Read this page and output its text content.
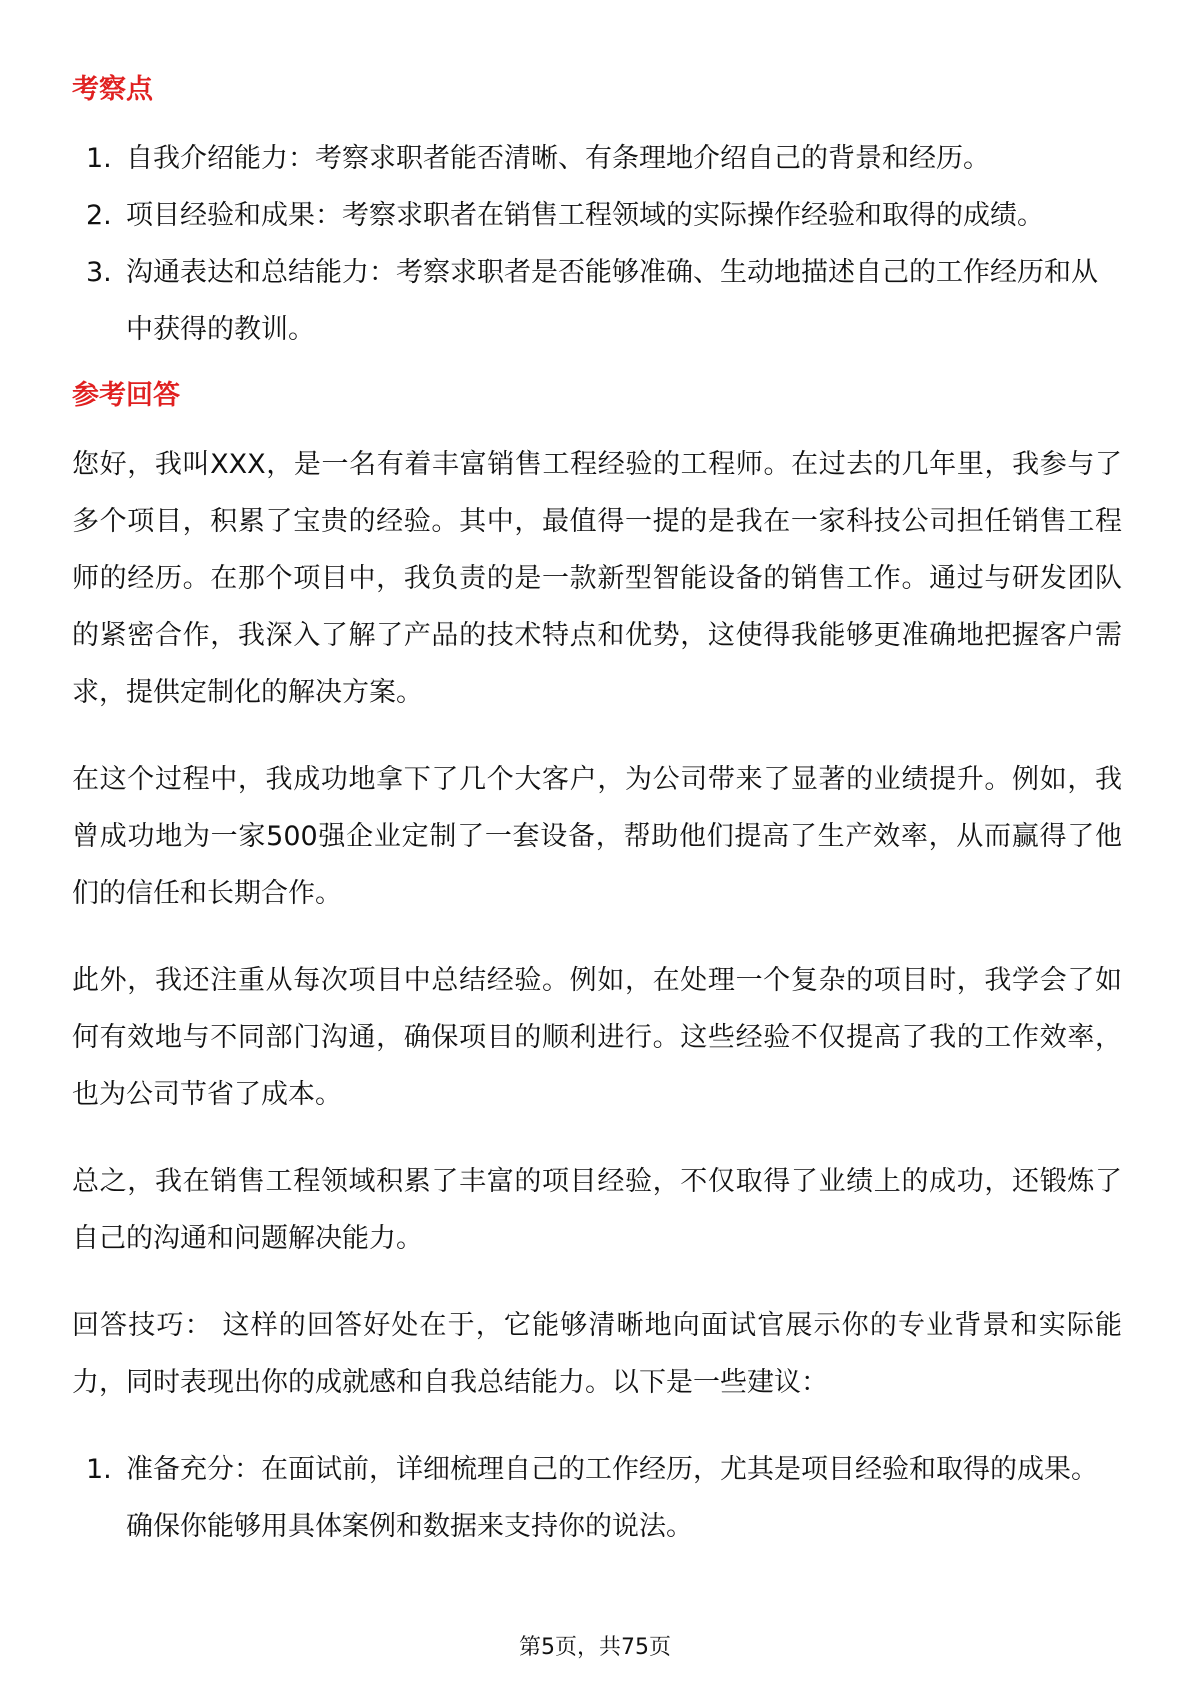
考察点
1. 自我介绍能力：考察求职者能否清晰、有条理地介绍自己的背景和经历。
2. 项目经验和成果：考察求职者在销售工程领域的实际操作经验和取得的成绩。
3. 沟通表达和总结能力：考察求职者是否能够准确、生动地描述自己的工作经历和从中获得的教训。
参考回答

您好，我叫XXX，是一名有着丰富销售工程经验的工程师。在过去的几年里，我参与了多个项目，积累了宝贵的经验。其中，最值得一提的是我在一家科技公司担任销售工程师的经历。在那个项目中，我负责的是一款新型智能设备的销售工作。通过与研发团队的紧密合作，我深入了解了产品的技术特点和优势，这使得我能够更准确地把握客户需求，提供定制化的解决方案。

在这个过程中，我成功地拿下了几个大客户，为公司带来了显著的业绩提升。例如，我曾成功地为一家500强企业定制了一套设备，帮助他们提高了生产效率，从而赢得了他们的信任和长期合作。

此外，我还注重从每次项目中总结经验。例如，在处理一个复杂的项目时，我学会了如何有效地与不同部门沟通，确保项目的顺利进行。这些经验不仅提高了我的工作效率，也为公司节省了成本。

总之，我在销售工程领域积累了丰富的项目经验，不仅取得了业绩上的成功，还锻炼了自己的沟通和问题解决能力。

回答技巧： 这样的回答好处在于，它能够清晰地向面试官展示你的专业背景和实际能力，同时表现出你的成就感和自我总结能力。以下是一些建议：

1. 准备充分：在面试前，详细梳理自己的工作经历，尤其是项目经验和取得的成果。确保你能够用具体案例和数据来支持你的说法。
第5页，共75页
